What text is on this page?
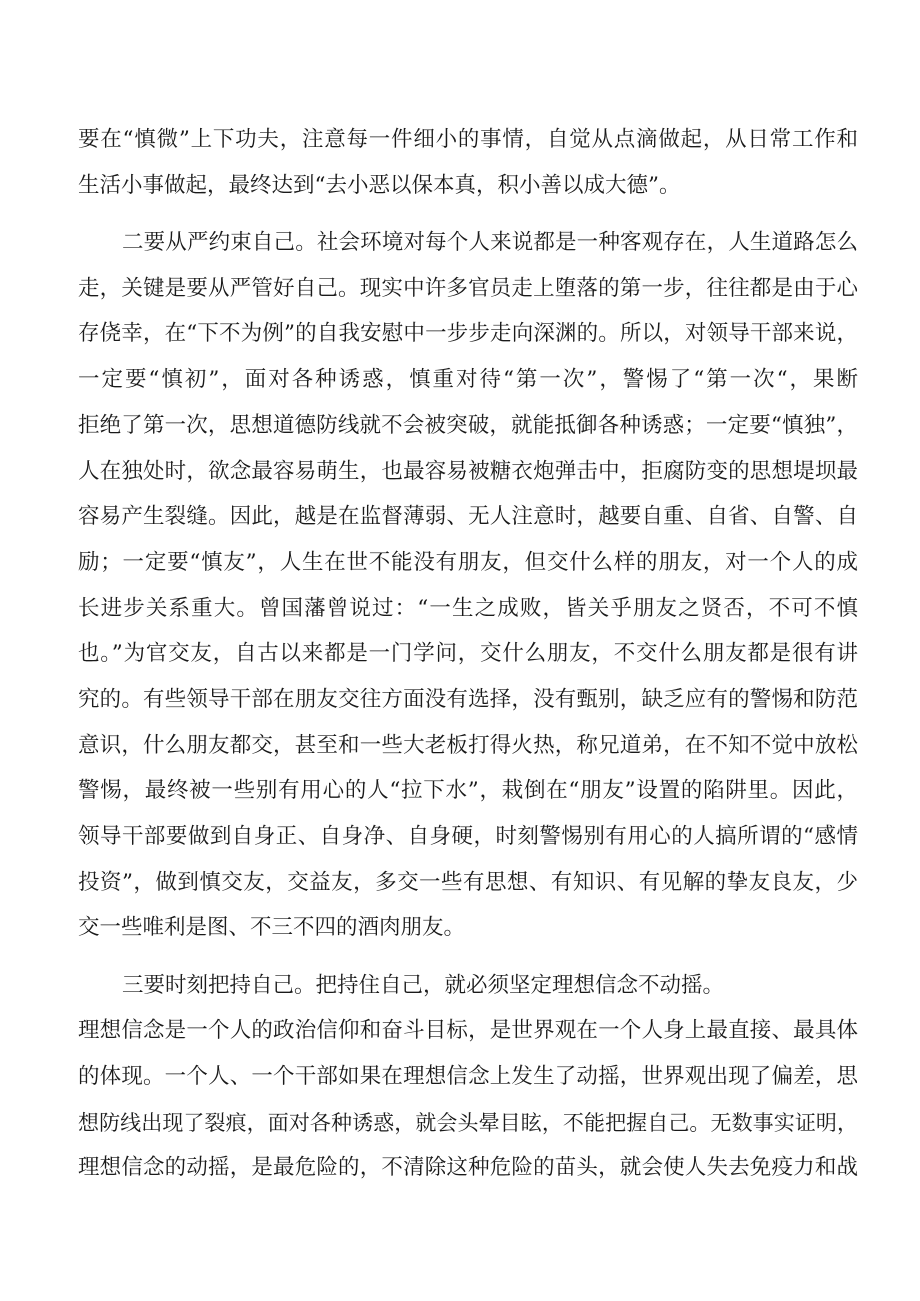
要在“慎微”上下功夫，注意每一件细小的事情，自觉从点滴做起，从日常工作和
生活小事做起，最终达到“去小恶以保本真，积小善以成大德”。
二要从严约束自己。社会环境对每个人来说都是一种客观存在，人生道路怎么
走，关键是要从严管好自己。现实中许多官员走上堕落的第一步，往往都是由于心
存侥幸，在“下不为例”的自我安慰中一步步走向深渊的。所以，对领导干部来说，
一定要“慎初”，面对各种诱惑，慎重对待“第一次”，警惕了“第一次“，果断
拒绝了第一次，思想道德防线就不会被突破，就能抵御各种诱惑；一定要“慎独”，
人在独处时，欲念最容易萌生，也最容易被糖衣炮弹击中，拒腐防变的思想堤坝最
容易产生裂缝。因此，越是在监督薄弱、无人注意时，越要自重、自省、自警、自
励；一定要“慎友”，人生在世不能没有朋友，但交什么样的朋友，对一个人的成
长进步关系重大。曾国藩曾说过：“一生之成败，皆关乎朋友之贤否，不可不慎
也。”为官交友，自古以来都是一门学问，交什么朋友，不交什么朋友都是很有讲
究的。有些领导干部在朋友交往方面没有选择，没有甄别，缺乏应有的警惕和防范
意识，什么朋友都交，甚至和一些大老板打得火热，称兄道弟，在不知不觉中放松
警惕，最终被一些别有用心的人“拉下水”，栽倒在“朋友”设置的陷阱里。因此，
领导干部要做到自身正、自身净、自身硬，时刻警惕别有用心的人搞所谓的“感情
投资”，做到慎交友，交益友，多交一些有思想、有知识、有见解的挚友良友，少
交一些唯利是图、不三不四的酒肉朋友。
三要时刻把持自己。把持住自己，就必须坚定理想信念不动摇。
理想信念是一个人的政治信仰和奋斗目标，是世界观在一个人身上最直接、最具体
的体现。一个人、一个干部如果在理想信念上发生了动摇，世界观出现了偏差，思
想防线出现了裂痕，面对各种诱惑，就会头晕目眩，不能把握自己。无数事实证明，
理想信念的动摇，是最危险的，不清除这种危险的苗头，就会使人失去免疫力和战
